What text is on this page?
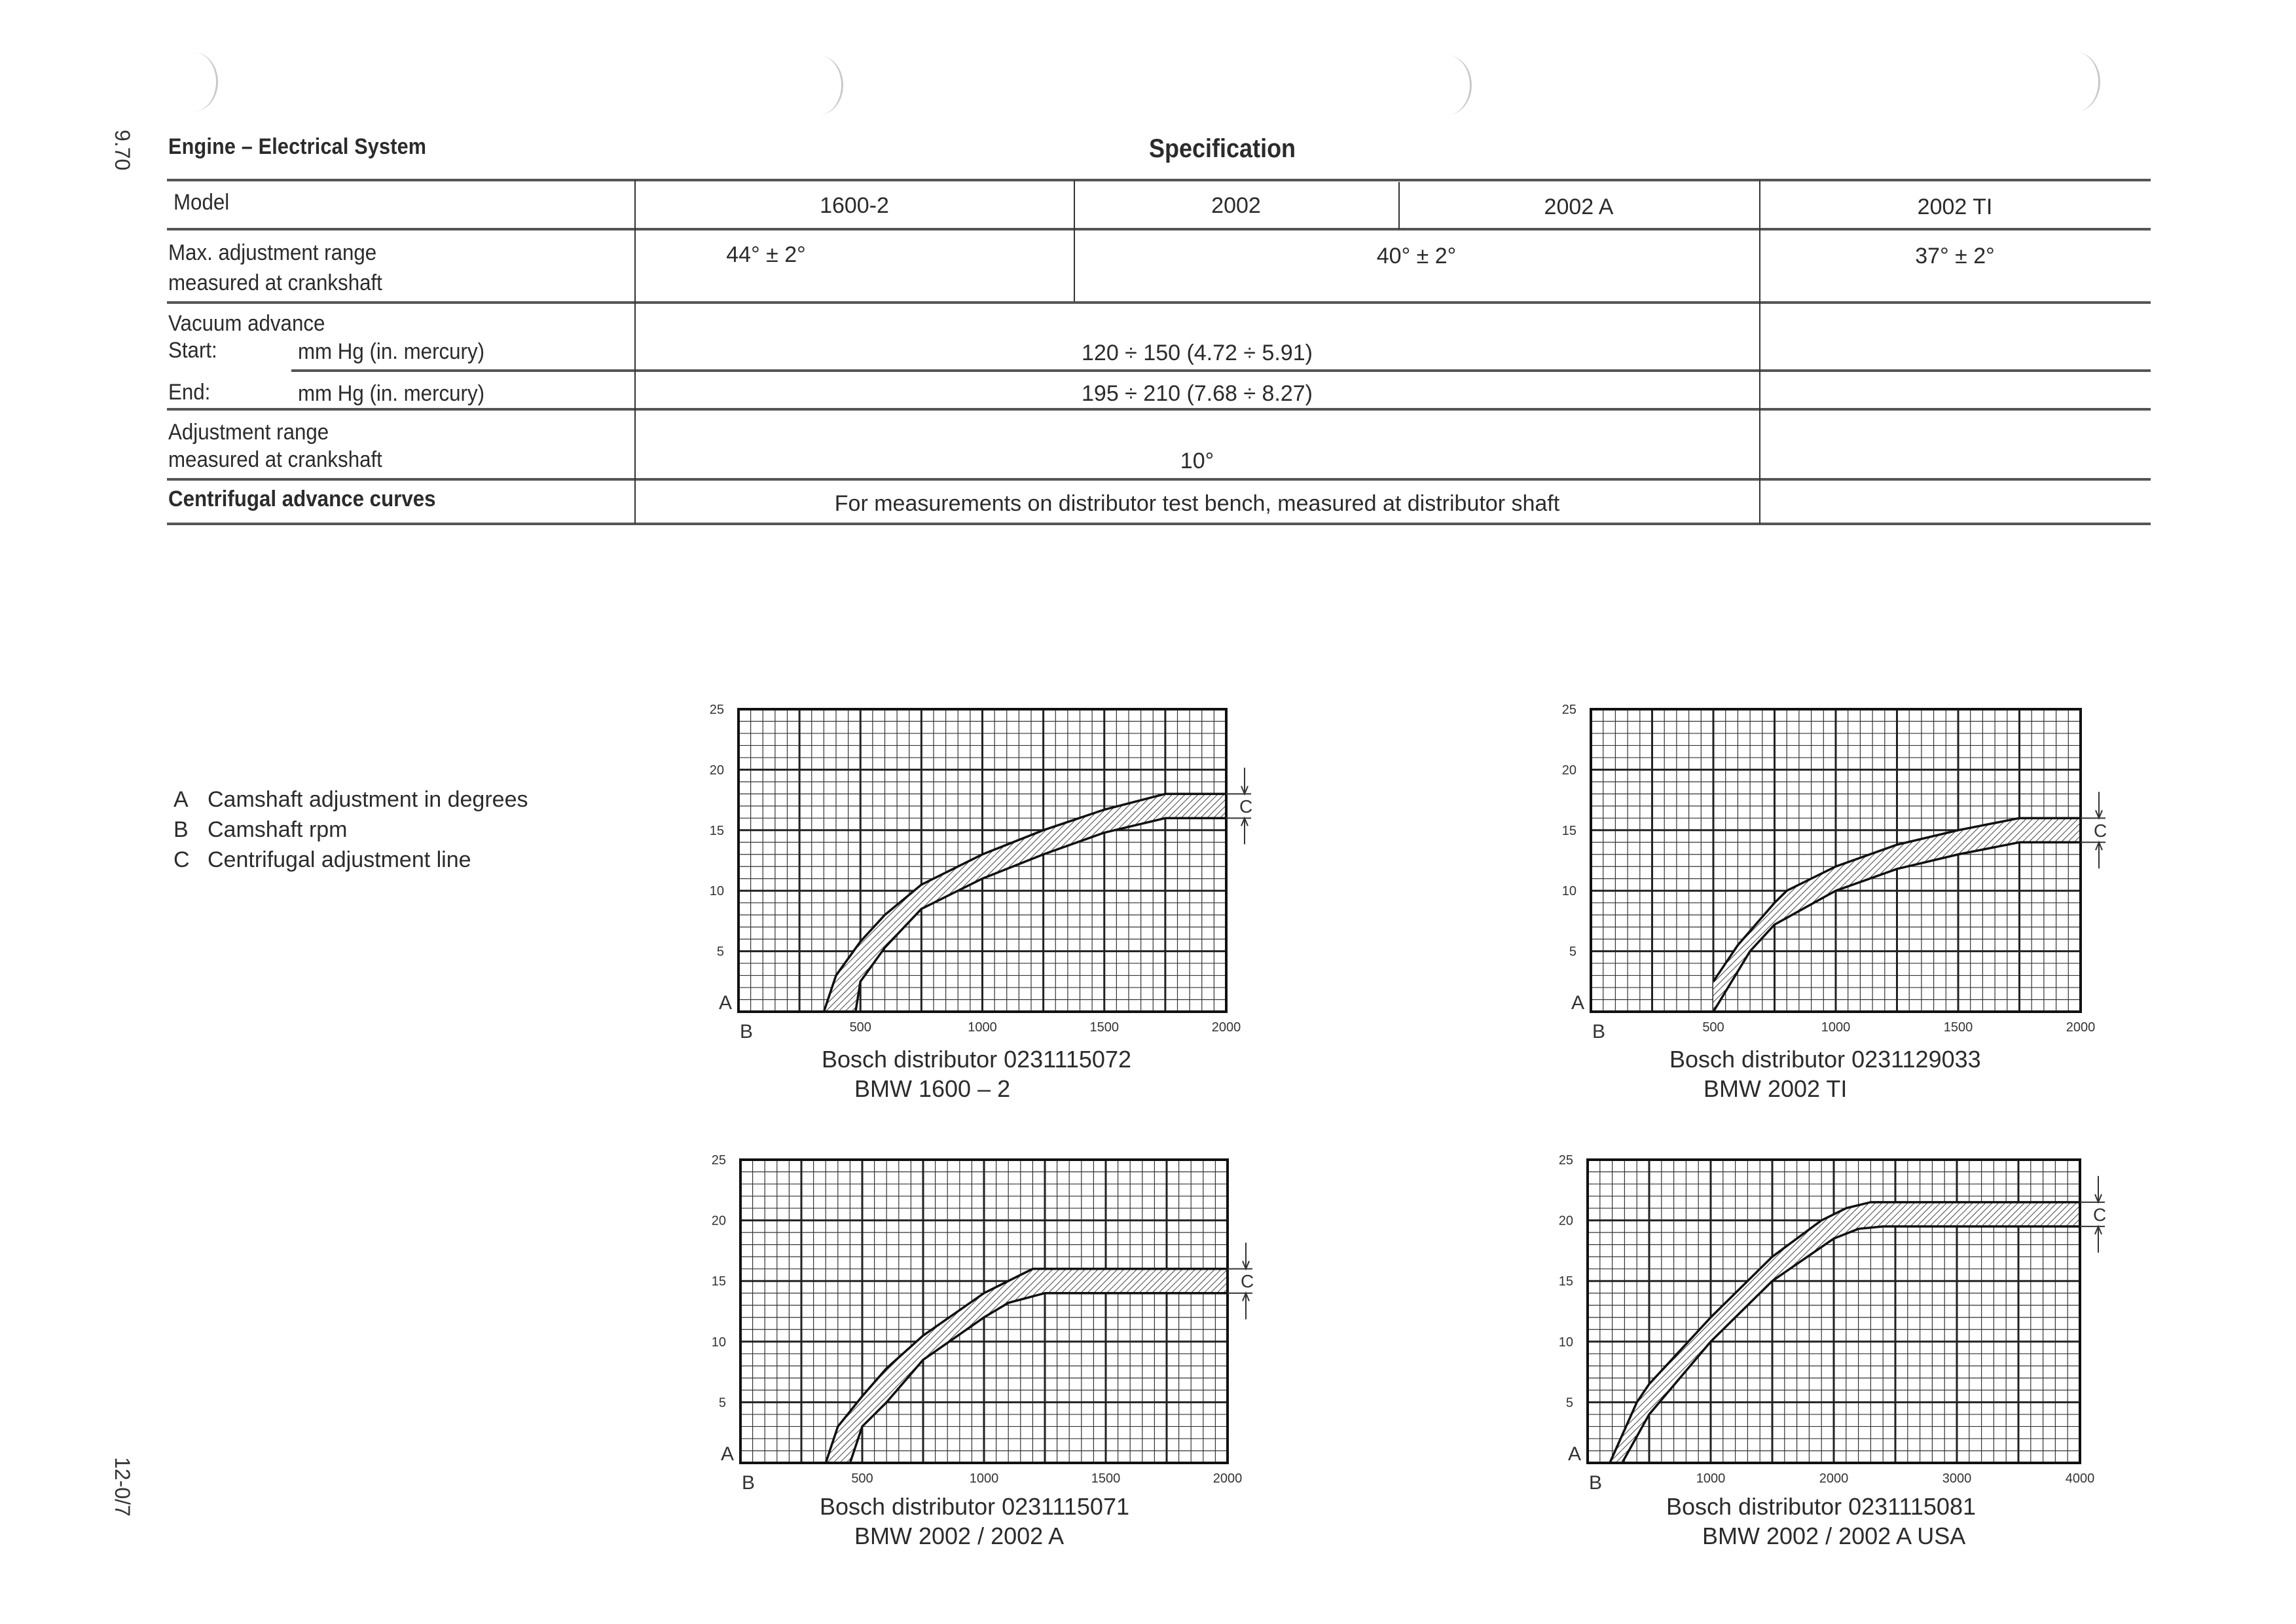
9.70
12-0/7
Engine – Electrical System	Specification
Model	1600-2	2002	2002 A	2002 TI
Max. adjustment range
measured at crankshaft
44° ± 2°	40° ± 2°	37° ± 2°
Vacuum advance
Start:	mm Hg (in. mercury)	120 ÷ 150 (4.72 ÷ 5.91)
End:	mm Hg (in. mercury)	195 ÷ 210 (7.68 ÷ 8.27)
Adjustment range
measured at crankshaft	10°
Centrifugal advance curves	For measurements on distributor test bench, measured at distributor shaft
A Camshaft adjustment in degrees
B Camshaft rpm
C Centrifugal adjustment line
5
10
15
20
25
500	1000	1500	2000
A
B
C
Bosch distributor 0231115072
BMW 1600 – 2
5
10
15
20
25
500	1000	1500	2000
A
B
C
Bosch distributor 0231129033
BMW 2002 TI
5
10
15
20
25
500	1000	1500	2000
A
B
C
Bosch distributor 0231115071
BMW 2002 / 2002 A
5
10
15
20
25
1000	2000	3000	4000
A
B
C
Bosch distributor 0231115081
BMW 2002 / 2002 A USA
